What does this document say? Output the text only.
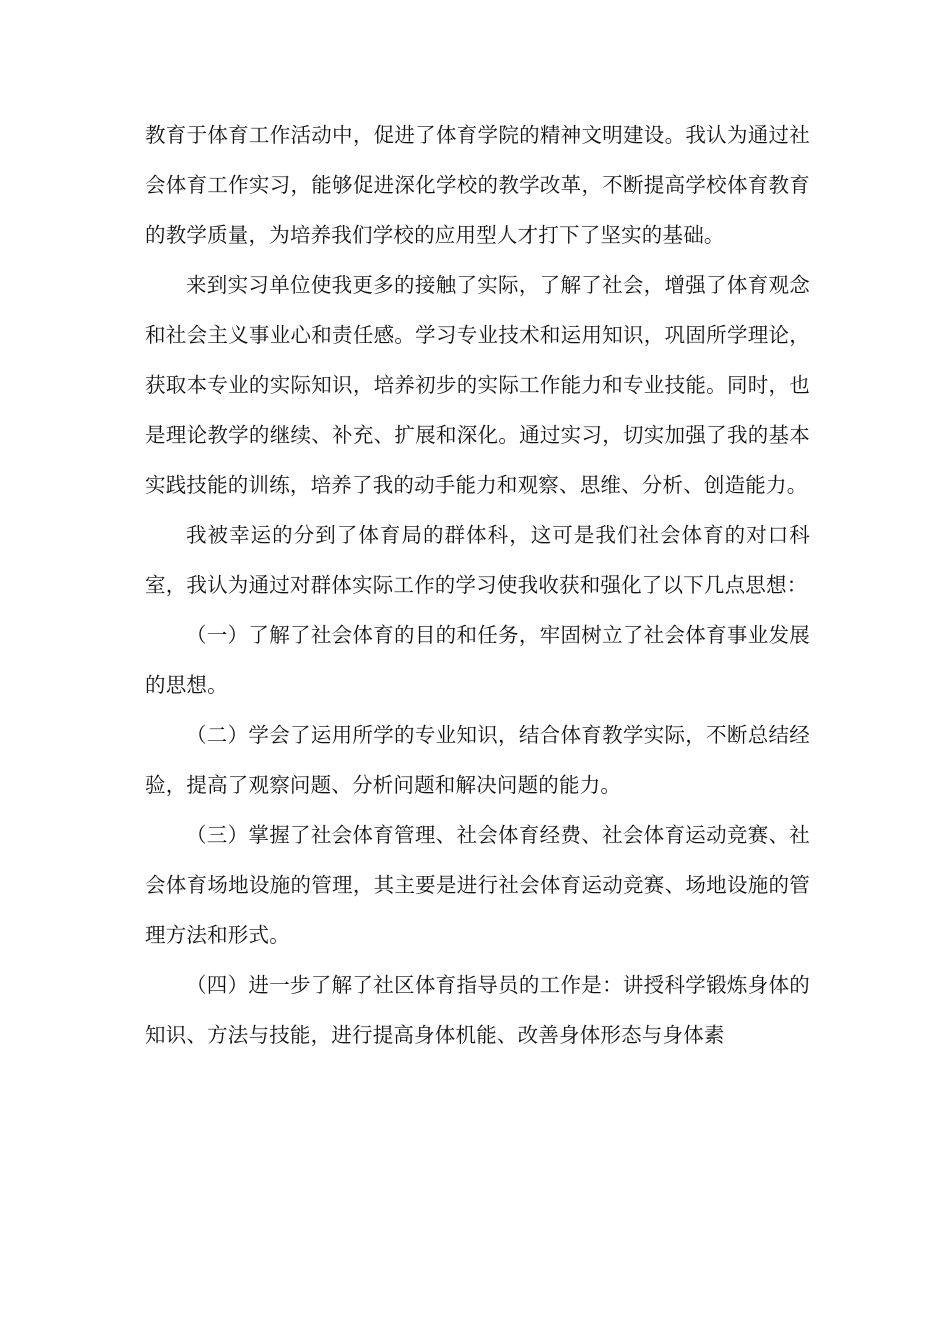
教育于体育工作活动中，促进了体育学院的精神文明建设。我认为通过社会体育工作实习，能够促进深化学校的教学改革，不断提高学校体育教育的教学质量，为培养我们学校的应用型人才打下了坚实的基础。

来到实习单位使我更多的接触了实际，了解了社会，增强了体育观念和社会主义事业心和责任感。学习专业技术和运用知识，巩固所学理论，获取本专业的实际知识，培养初步的实际工作能力和专业技能。同时，也是理论教学的继续、补充、扩展和深化。通过实习，切实加强了我的基本实践技能的训练，培养了我的动手能力和观察、思维、分析、创造能力。

我被幸运的分到了体育局的群体科，这可是我们社会体育的对口科室，我认为通过对群体实际工作的学习使我收获和强化了以下几点思想：

（一）了解了社会体育的目的和任务，牢固树立了社会体育事业发展的思想。

（二）学会了运用所学的专业知识，结合体育教学实际，不断总结经验，提高了观察问题、分析问题和解决问题的能力。

（三）掌握了社会体育管理、社会体育经费、社会体育运动竞赛、社会体育场地设施的管理，其主要是进行社会体育运动竞赛、场地设施的管理方法和形式。

（四）进一步了解了社区体育指导员的工作是：讲授科学锻炼身体的知识、方法与技能，进行提高身体机能、改善身体形态与身体素
